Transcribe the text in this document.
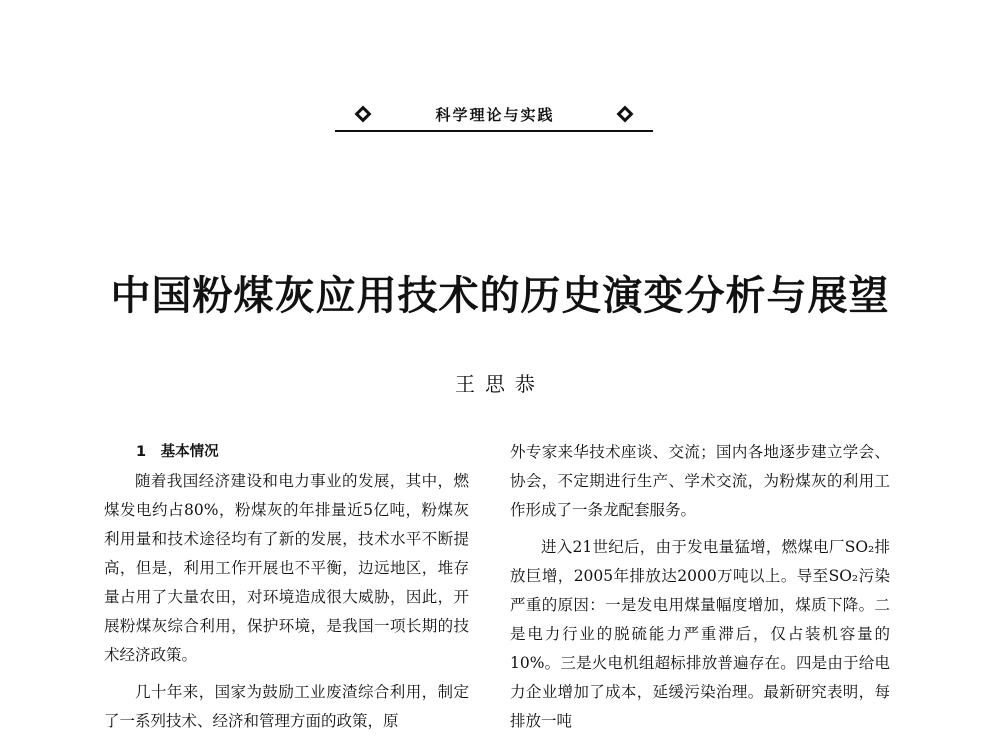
科学理论与实践
中国粉煤灰应用技术的历史演变分析与展望
王思恭

1　基本情况

随着我国经济建设和电力事业的发展，其中，燃煤发电约占80%，粉煤灰的年排量近5亿吨，粉煤灰利用量和技术途径均有了新的发展，技术水平不断提高，但是，利用工作开展也不平衡，边远地区，堆存量占用了大量农田，对环境造成很大威胁，因此，开展粉煤灰综合利用，保护环境，是我国一项长期的技术经济政策。

几十年来，国家为鼓励工业废渣综合利用，制定了一系列技术、经济和管理方面的政策，原

外专家来华技术座谈、交流；国内各地逐步建立学会、协会，不定期进行生产、学术交流，为粉煤灰的利用工作形成了一条龙配套服务。

进入21世纪后，由于发电量猛增，燃煤电厂SO₂排放巨增，2005年排放达2000万吨以上。导至SO₂污染严重的原因：一是发电用煤量幅度增加，煤质下降。二是电力行业的脱硫能力严重滞后，仅占装机容量的10%。三是火电机组超标排放普遍存在。四是由于给电力企业增加了成本，延缓污染治理。最新研究表明，每排放一吨
